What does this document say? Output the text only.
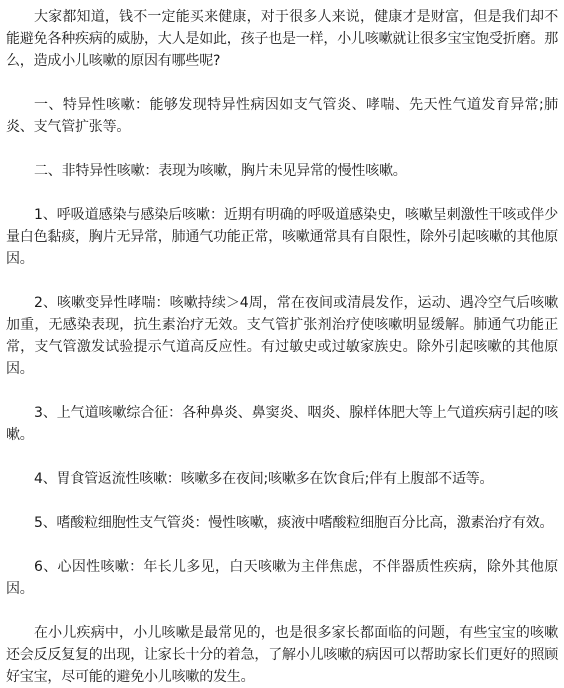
大家都知道，钱不一定能买来健康，对于很多人来说，健康才是财富，但是我们却不能避免各种疾病的威胁，大人是如此，孩子也是一样，小儿咳嗽就让很多宝宝饱受折磨。那么，造成小儿咳嗽的原因有哪些呢?

一、特异性咳嗽：能够发现特异性病因如支气管炎、哮喘、先天性气道发育异常;肺炎、支气管扩张等。

二、非特异性咳嗽：表现为咳嗽，胸片未见异常的慢性咳嗽。

1、呼吸道感染与感染后咳嗽：近期有明确的呼吸道感染史，咳嗽呈刺激性干咳或伴少量白色黏痰，胸片无异常，肺通气功能正常，咳嗽通常具有自限性，除外引起咳嗽的其他原因。

2、咳嗽变异性哮喘：咳嗽持续＞4周，常在夜间或清晨发作，运动、遇冷空气后咳嗽加重，无感染表现，抗生素治疗无效。支气管扩张剂治疗使咳嗽明显缓解。肺通气功能正常，支气管激发试验提示气道高反应性。有过敏史或过敏家族史。除外引起咳嗽的其他原因。

3、上气道咳嗽综合征：各种鼻炎、鼻窦炎、咽炎、腺样体肥大等上气道疾病引起的咳嗽。

4、胃食管返流性咳嗽：咳嗽多在夜间;咳嗽多在饮食后;伴有上腹部不适等。

5、嗜酸粒细胞性支气管炎：慢性咳嗽，痰液中嗜酸粒细胞百分比高，激素治疗有效。

6、心因性咳嗽：年长儿多见，白天咳嗽为主伴焦虑，不伴器质性疾病，除外其他原因。

在小儿疾病中，小儿咳嗽是最常见的，也是很多家长都面临的问题，有些宝宝的咳嗽还会反反复复的出现，让家长十分的着急，了解小儿咳嗽的病因可以帮助家长们更好的照顾好宝宝，尽可能的避免小儿咳嗽的发生。
